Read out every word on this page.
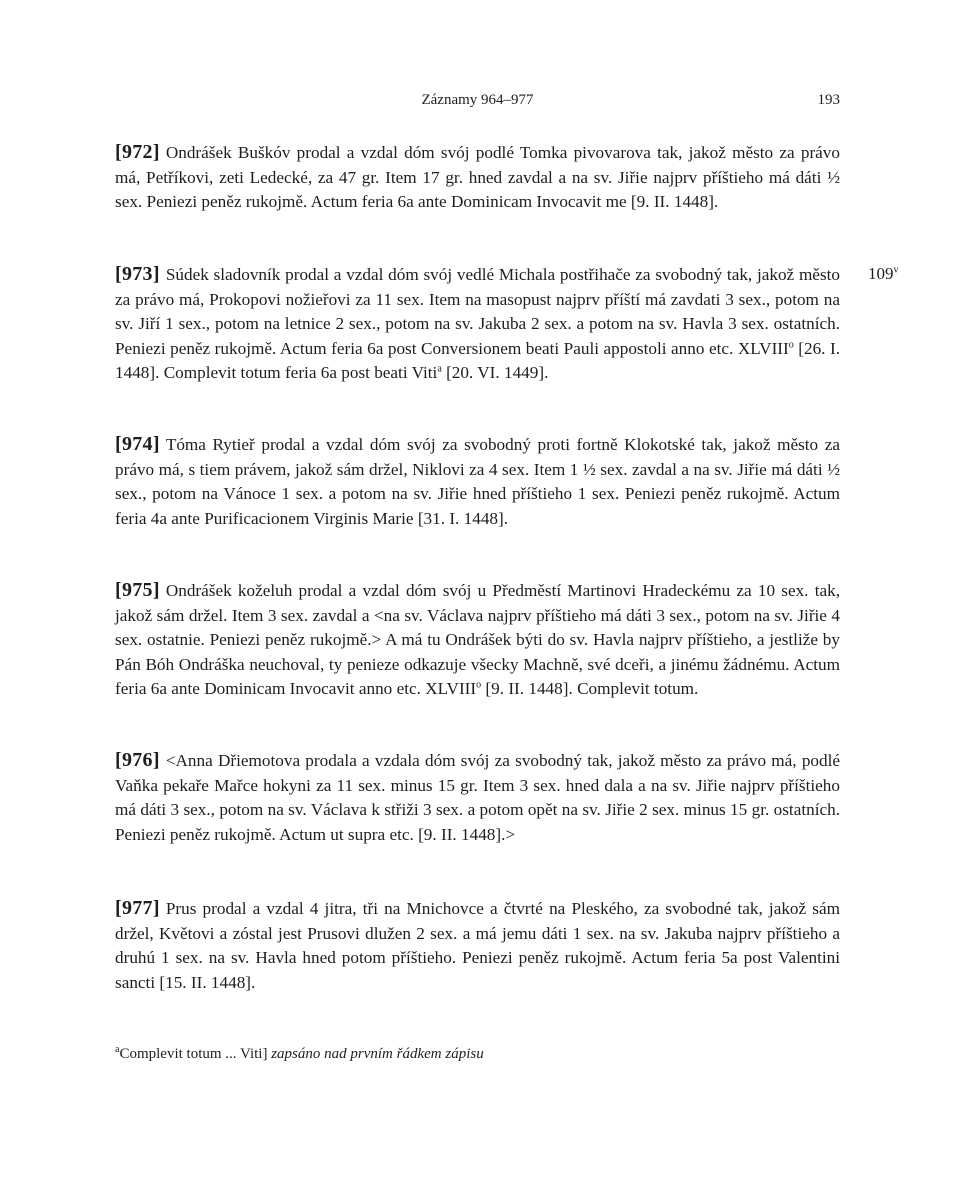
Záznamy 964–977	193

[972] Ondrášek Buškóv prodal a vzdal dóm svój podlé Tomka pivovarova tak, jakož město za právo má, Petříkovi, zeti Ledecké, za 47 gr. Item 17 gr. hned zavdal a na sv. Jiřie najprv příštieho má dáti ½ sex. Peniezi peněz rukojmě. Actum feria 6a ante Dominicam Invocavit me [9. II. 1448].

[973] Súdek sladovník prodal a vzdal dóm svój vedlé Michala postřihače za svobodný tak, jakož město za právo má, Prokopovi nožieřovi za 11 sex. Item na masopust najprv příští má zavdati 3 sex., potom na sv. Jiří 1 sex., potom na letnice 2 sex., potom na sv. Jakuba 2 sex. a potom na sv. Havla 3 sex. ostatních. Peniezi peněz rukojmě. Actum feria 6a post Conversionem beati Pauli appostoli anno etc. XLVIII$^o$ [26. I. 1448]. Complevit totum feria 6a post beati Viti$^a$ [20. VI. 1449].

109$^v$

[974] Tóma Rytieř prodal a vzdal dóm svój za svobodný proti fortně Klokotské tak, jakož město za právo má, s tiem právem, jakož sám držel, Niklovi za 4 sex. Item 1 ½ sex. zavdal a na sv. Jiřie má dáti ½ sex., potom na Vánoce 1 sex. a potom na sv. Jiřie hned příštieho 1 sex. Peniezi peněz rukojmě. Actum feria 4a ante Purificacionem Virginis Marie [31. I. 1448].

[975] Ondrášek koželuh prodal a vzdal dóm svój u Předměstí Martinovi Hradeckému za 10 sex. tak, jakož sám držel. Item 3 sex. zavdal a <na sv. Václava najprv příštieho má dáti 3 sex., potom na sv. Jiřie 4 sex. ostatnie. Peniezi peněz rukojmě.> A má tu Ondrášek býti do sv. Havla najprv příštieho, a jestliže by Pán Bóh Ondráška neuchoval, ty penieze odkazuje všecky Machně, své dceři, a jinému žádnému. Actum feria 6a ante Dominicam Invocavit anno etc. XLVIII$^o$ [9. II. 1448]. Complevit totum.

[976] <Anna Dřiemotova prodala a vzdala dóm svój za svobodný tak, jakož město za právo má, podlé Vaňka pekaře Mařce hokyni za 11 sex. minus 15 gr. Item 3 sex. hned dala a na sv. Jiřie najprv příštieho má dáti 3 sex., potom na sv. Václava k střiži 3 sex. a potom opět na sv. Jiřie 2 sex. minus 15 gr. ostatních. Peniezi peněz rukojmě. Actum ut supra etc. [9. II. 1448].>

[977] Prus prodal a vzdal 4 jitra, tři na Mnichovce a čtvrté na Pleského, za svobodné tak, jakož sám držel, Květovi a zóstal jest Prusovi dlužen 2 sex. a má jemu dáti 1 sex. na sv. Jakuba najprv příštieho a druhú 1 sex. na sv. Havla hned potom příštieho. Peniezi peněz rukojmě. Actum feria 5a post Valentini sancti [15. II. 1448].

$^a$Complevit totum ... Viti] zapsáno nad prvním řádkem zápisu
